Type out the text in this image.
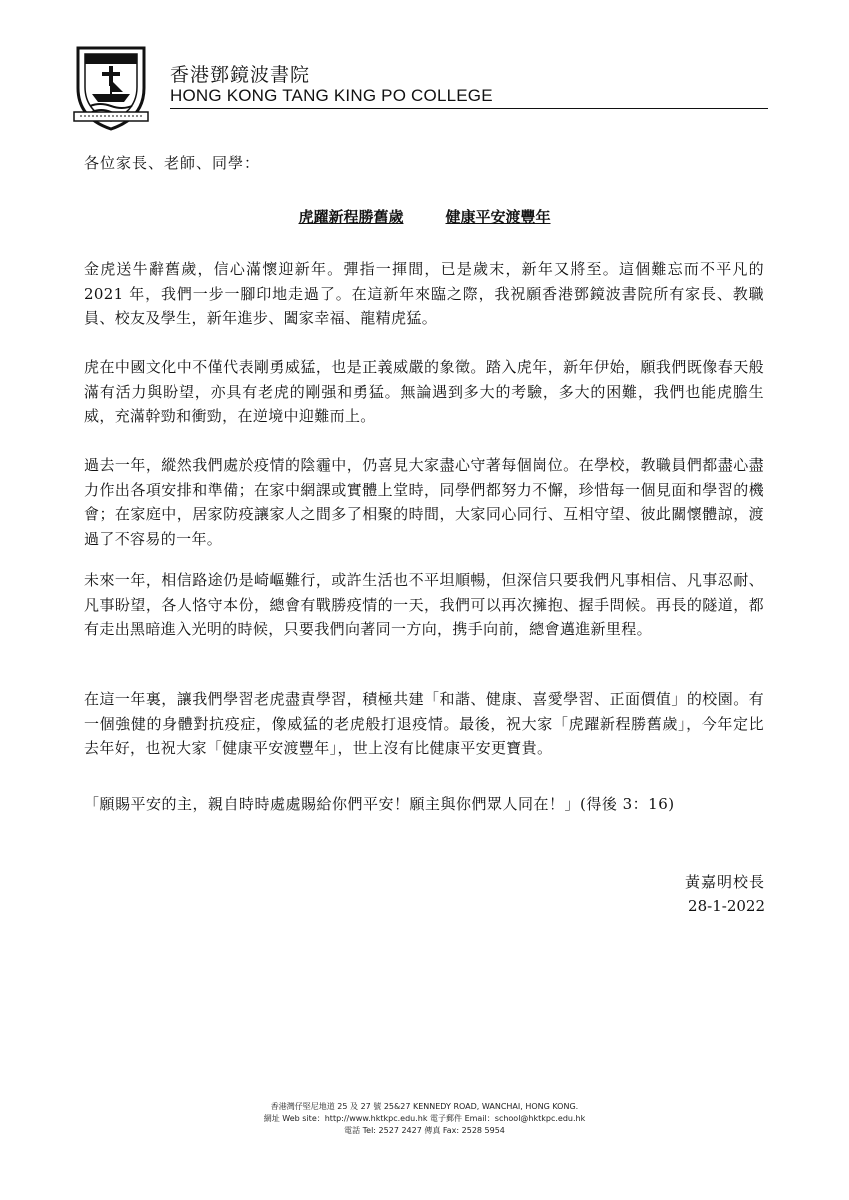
香港鄧鏡波書院
HONG KONG TANG KING PO COLLEGE
各位家長、老師、同學：
虎躍新程勝舊歲	健康平安渡豐年

金虎送牛辭舊歲，信心滿懷迎新年。彈指一揮間，已是歲末，新年又將至。這個難忘而不平凡的 2021 年，我們一步一腳印地走過了。在這新年來臨之際，我祝願香港鄧鏡波書院所有家長、教職員、校友及學生，新年進步、闔家幸福、龍精虎猛。

虎在中國文化中不僅代表剛勇威猛，也是正義威嚴的象徵。踏入虎年，新年伊始，願我們既像春天般滿有活力與盼望，亦具有老虎的剛强和勇猛。無論遇到多大的考驗，多大的困難，我們也能虎膽生威，充滿幹勁和衝勁，在逆境中迎難而上。

過去一年，縱然我們處於疫情的陰霾中，仍喜見大家盡心守著每個崗位。在學校，教職員們都盡心盡力作出各項安排和準備；在家中網課或實體上堂時，同學們都努力不懈，珍惜每一個見面和學習的機會；在家庭中，居家防疫讓家人之間多了相聚的時間，大家同心同行、互相守望、彼此關懷體諒，渡過了不容易的一年。

未來一年，相信路途仍是崎嶇難行，或許生活也不平坦順暢，但深信只要我們凡事相信、凡事忍耐、凡事盼望，各人恪守本份，總會有戰勝疫情的一天，我們可以再次擁抱、握手問候。再長的隧道，都有走出黑暗進入光明的時候，只要我們向著同一方向，携手向前，總會邁進新里程。

在這一年裏，讓我們學習老虎盡責學習，積極共建「和諧、健康、喜愛學習、正面價值」的校園。有一個強健的身體對抗疫症，像威猛的老虎般打退疫情。最後，祝大家「虎躍新程勝舊歲」，今年定比去年好，也祝大家「健康平安渡豐年」，世上沒有比健康平安更寶貴。

「願賜平安的主，親自時時處處賜給你們平安！願主與你們眾人同在！」(得後 3：16)
黃嘉明校長
28-1-2022
香港灣仔堅尼地道 25 及 27 號 25&27 KENNEDY ROAD, WANCHAI, HONG KONG.
網址 Web site：http://www.hktkpc.edu.hk 電子郵件 Email：school@hktkpc.edu.hk
電話 Tel: 2527 2427 傳真 Fax: 2528 5954
